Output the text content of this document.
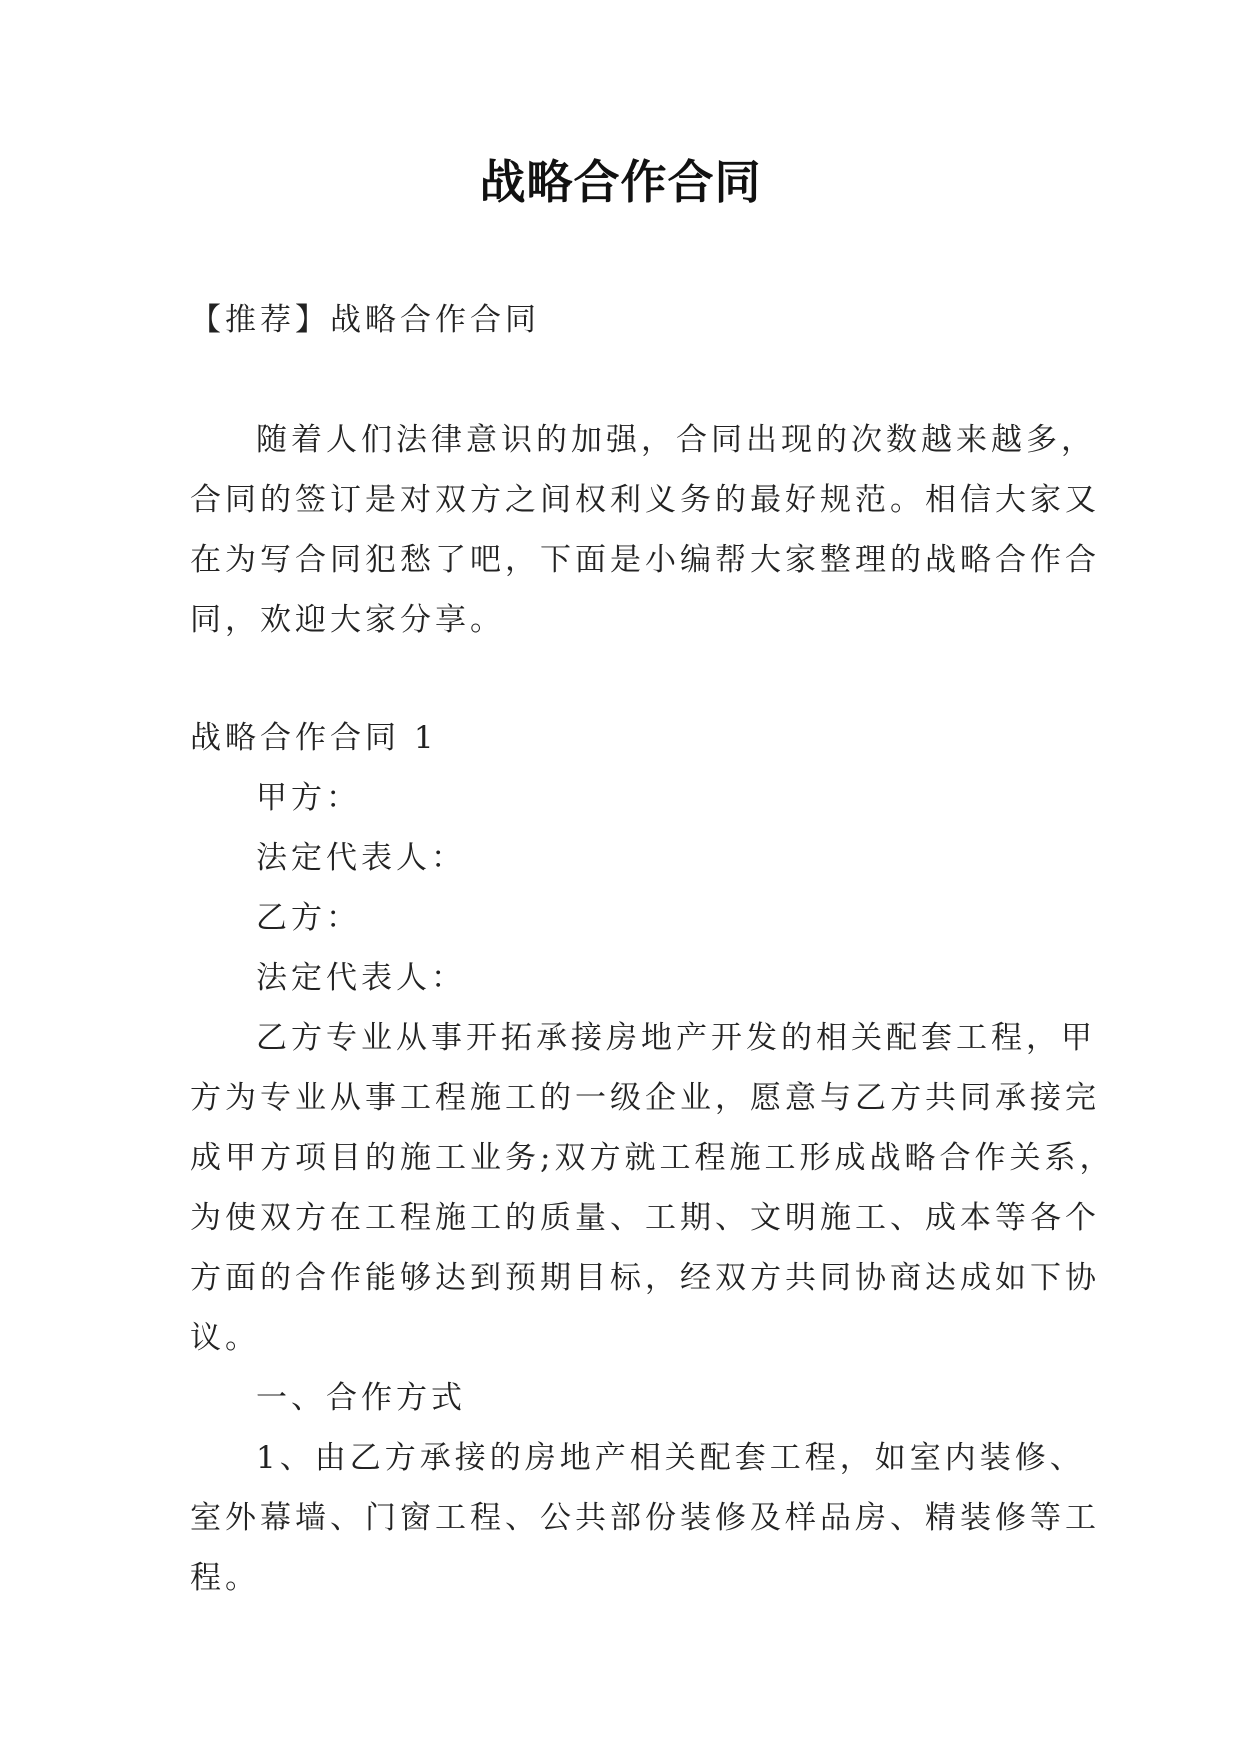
战略合作合同
【推荐】战略合作合同
随着人们法律意识的加强，合同出现的次数越来越多，
合同的签订是对双方之间权利义务的最好规范。相信大家又
在为写合同犯愁了吧，下面是小编帮大家整理的战略合作合
同，欢迎大家分享。
战略合作合同 1
甲方：
法定代表人：
乙方：
法定代表人：
乙方专业从事开拓承接房地产开发的相关配套工程，甲
方为专业从事工程施工的一级企业，愿意与乙方共同承接完
成甲方项目的施工业务;双方就工程施工形成战略合作关系，
为使双方在工程施工的质量、工期、文明施工、成本等各个
方面的合作能够达到预期目标，经双方共同协商达成如下协
议。
一、合作方式
1、由乙方承接的房地产相关配套工程，如室内装修、
室外幕墙、门窗工程、公共部份装修及样品房、精装修等工
程。
